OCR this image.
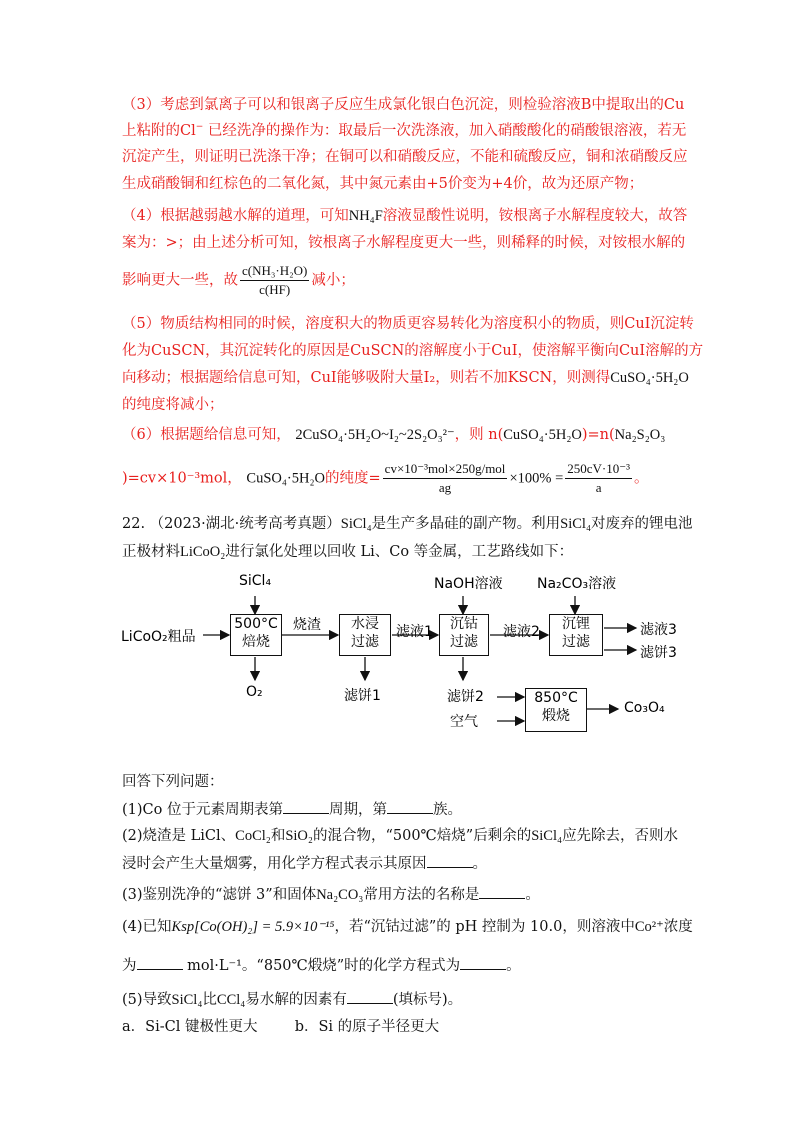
（3）考虑到氯离子可以和银离子反应生成氯化银白色沉淀，则检验溶液B中提取出的Cu
上粘附的Cl− 已经洗净的操作为：取最后一次洗涤液，加入硝酸酸化的硝酸银溶液，若无
沉淀产生，则证明已洗涤干净；在铜可以和硝酸反应，不能和硫酸反应，铜和浓硝酸反应
生成硝酸铜和红棕色的二氧化氮，其中氮元素由+5价变为+4价，故为还原产物；
（4）根据越弱越水解的道理，可知NH₄F溶液显酸性说明，铵根离子水解程度较大，故答
案为：>；由上述分析可知，铵根离子水解程度更大一些，则稀释的时候，对铵根水解的
影响更大一些，故 $\frac{\text{c(NH₃·H₂O)}}{c(HF)}$ 减小；
（5）物质结构相同的时候，溶度积大的物质更容易转化为溶度积小的物质，则CuI沉淀转
化为CuSCN，其沉淀转化的原因是CuSCN的溶解度小于CuI，使溶解平衡向CuI溶解的方
向移动；根据题给信息可知，CuI能够吸附大量I₂，则若不加KSCN，则测得CuSO₄·5H₂O
的纯度将减小；
（6）根据题给信息可知， 2CuSO₄·5H₂O~I₂~2S₂O₃²⁻，则 n(CuSO₄·5H₂O)=n(Na₂S₂O₃
)=cv×10⁻³mol， CuSO₄·5H₂O的纯度= $\frac{\text{cv×10⁻³mol×250g/mol}}{ag} \times 100\% = \frac{\text{250cV·10⁻³}}{a}$ 。
22. （2023·湖北·统考高考真题）SiCl₄是生产多晶硅的副产物。利用SiCl₄对废弃的锂电池
正极材料LiCoO₂进行氯化处理以回收 Li、Co 等金属，工艺路线如下：
LiCoO₂粗品
SiCl₄
500°C
焙烧
O₂
烧渣	水浸
过滤
滤饼1
滤液1
NaOH溶液
沉钴
过滤
滤饼2
空气
滤液2
Na₂CO₃溶液
沉锂
过滤
滤液3
滤饼3
850°C
煅烧	Co₃O₄
回答下列问题：
(1)Co 位于元素周期表第	周期，第	族。
(2)烧渣是 LiCl、CoCl₂和SiO₂的混合物，“500℃焙烧”后剩余的SiCl₄应先除去，否则水
浸时会产生大量烟雾，用化学方程式表示其原因	。
(3)鉴别洗净的“滤饼 3”和固体Na₂CO₃常用方法的名称是	。
(4)已知Ksp[Co(OH)₂] = 5.9×10⁻¹⁵，若“沉钴过滤”的 pH 控制为 10.0，则溶液中Co²⁺浓度
为	mol·L⁻¹。“850℃煅烧”时的化学方程式为	。
(5)导致SiCl₄比CCl₄易水解的因素有	(填标号)。
a．Si-Cl 键极性更大	b．Si 的原子半径更大
